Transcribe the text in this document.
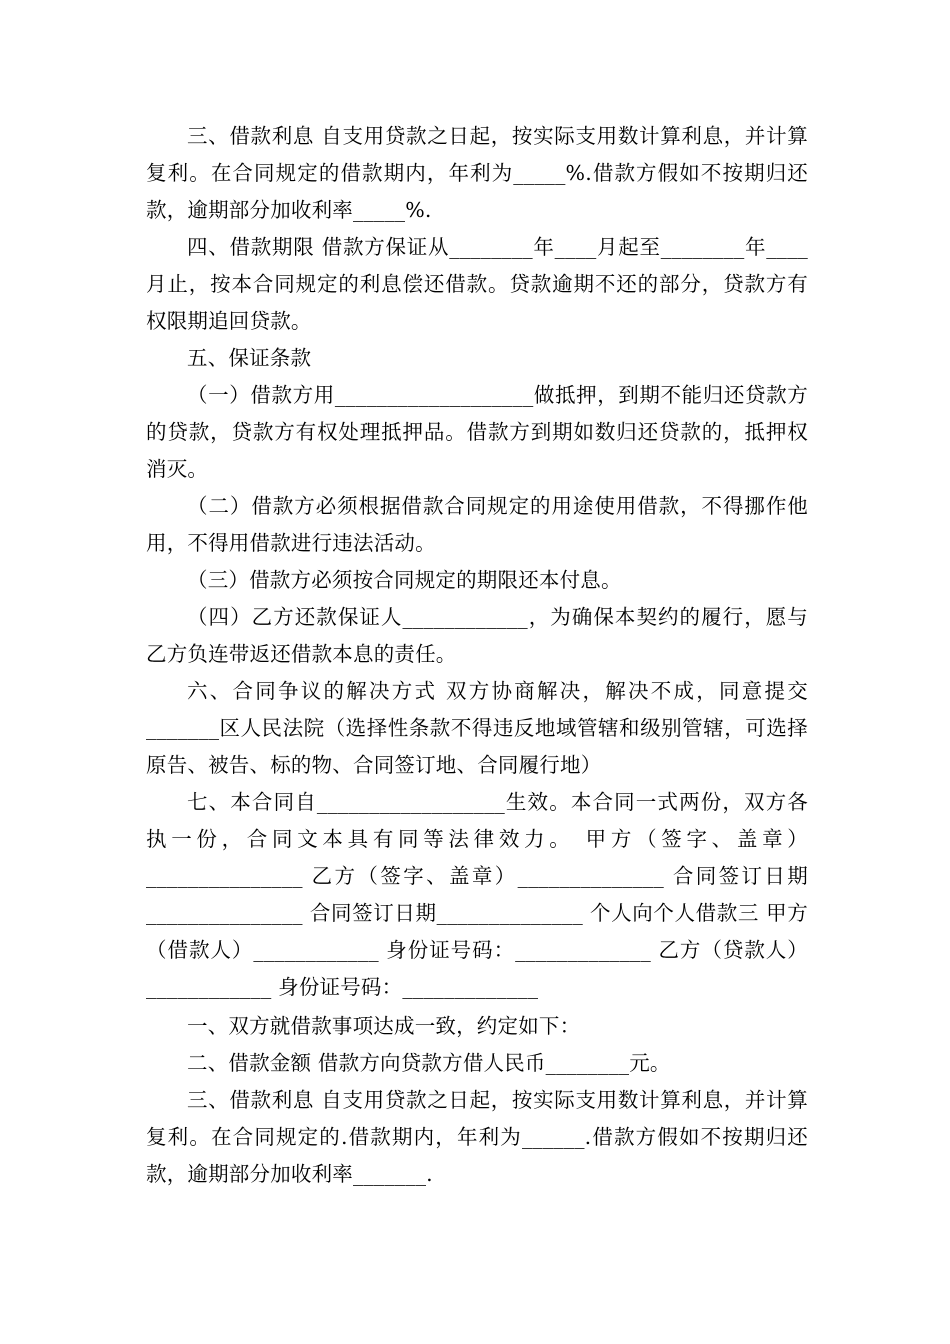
三、借款利息 自支用贷款之日起，按实际支用数计算利息，并计算复利。在合同规定的借款期内，年利为_____%.借款方假如不按期归还款，逾期部分加收利率_____%.

四、借款期限 借款方保证从________年____月起至________年____月止，按本合同规定的利息偿还借款。贷款逾期不还的部分，贷款方有权限期追回贷款。

五、保证条款

（一）借款方用___________________做抵押，到期不能归还贷款方的贷款，贷款方有权处理抵押品。借款方到期如数归还贷款的，抵押权消灭。

（二）借款方必须根据借款合同规定的用途使用借款，不得挪作他用，不得用借款进行违法活动。

（三）借款方必须按合同规定的期限还本付息。

（四）乙方还款保证人____________，为确保本契约的履行，愿与乙方负连带返还借款本息的责任。

六、合同争议的解决方式 双方协商解决，解决不成，同意提交_______区人民法院（选择性条款不得违反地域管辖和级别管辖，可选择原告、被告、标的物、合同签订地、合同履行地）

七、本合同自__________________生效。本合同一式两份，双方各执一份，合同文本具有同等法律效力。 甲方（签字、盖章）_______________ 乙方（签字、盖章）______________ 合同签订日期_______________ 合同签订日期______________ 个人向个人借款三 甲方（借款人）____________ 身份证号码：_____________ 乙方（贷款人）____________ 身份证号码：_____________

一、双方就借款事项达成一致，约定如下：

二、借款金额 借款方向贷款方借人民币________元。

三、借款利息 自支用贷款之日起，按实际支用数计算利息，并计算复利。在合同规定的.借款期内，年利为______.借款方假如不按期归还款，逾期部分加收利率_______.
